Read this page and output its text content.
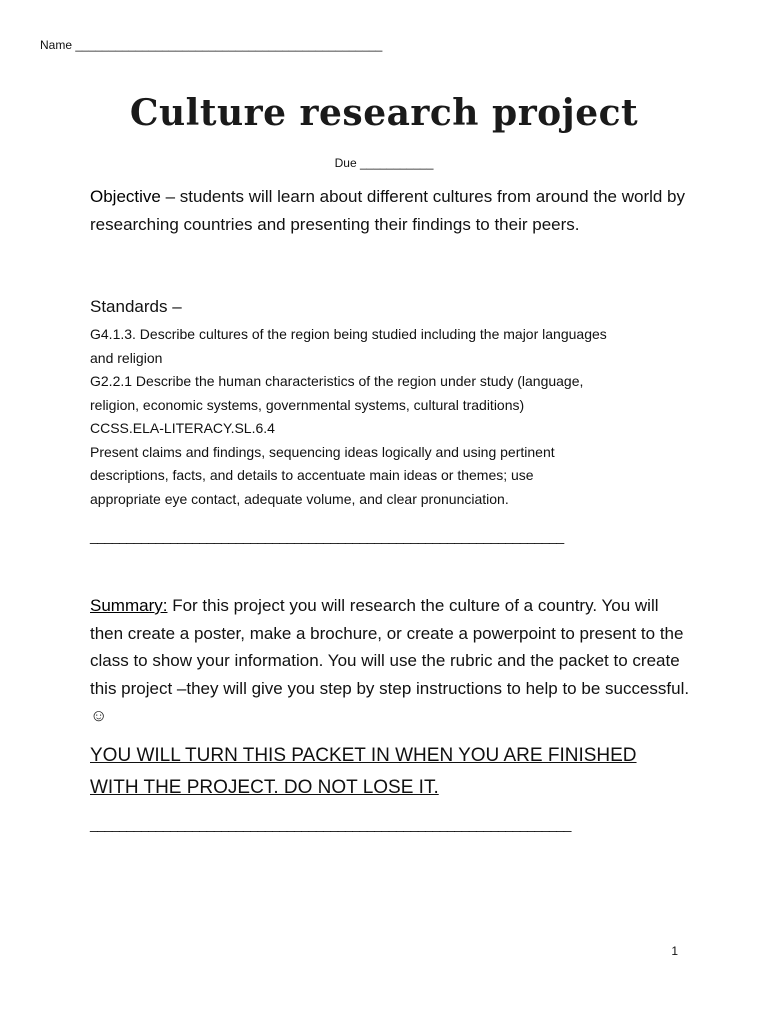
Name ______________________________________________
Culture research project
Due ___________
Objective – students will learn about different cultures from around the world by researching countries and presenting their findings to their peers.
Standards –
G4.1.3. Describe cultures of the region being studied including the major languages
and religion
G2.2.1 Describe the human characteristics of the region under study (language,
religion, economic systems, governmental systems, cultural traditions)
CCSS.ELA-LITERACY.SL.6.4
Present claims and findings, sequencing ideas logically and using pertinent
descriptions, facts, and details to accentuate main ideas or themes; use
appropriate eye contact, adequate volume, and clear pronunciation.
_________________________________________________________________
Summary: For this project you will research the culture of a country. You will then create a poster, make a brochure, or create a powerpoint to present to the class to show your information. You will use the rubric and the packet to create this project –they will give you step by step instructions to help to be successful. ☺
YOU WILL TURN THIS PACKET IN WHEN YOU ARE FINISHED WITH THE PROJECT. DO NOT LOSE IT.
__________________________________________________________________
1
